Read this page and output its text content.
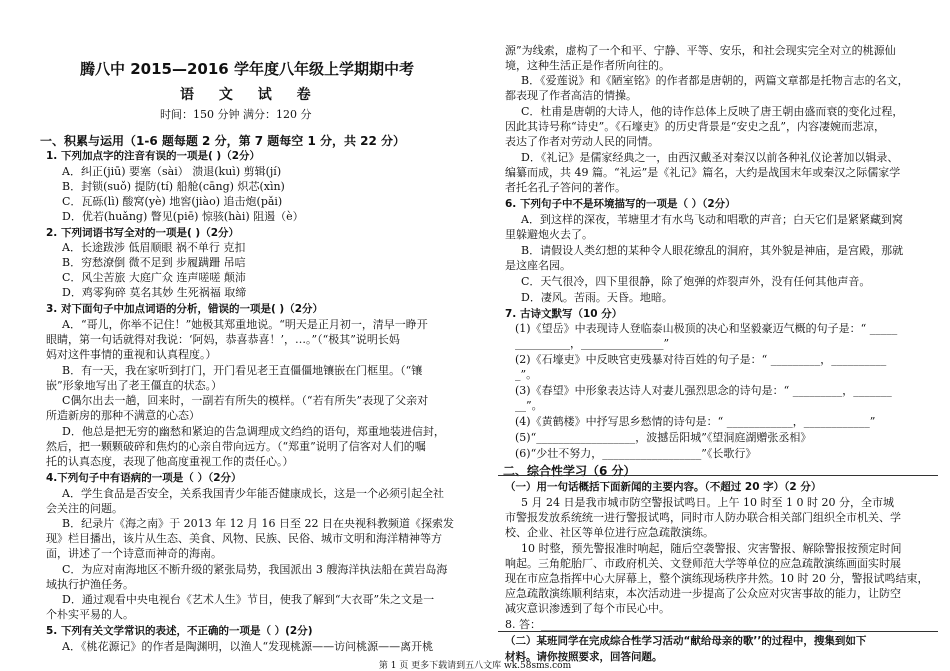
腾八中 2015—2016 学年度八年级上学期期中考
语 文 试 卷
时间：150 分钟 满分：120 分
一、积累与运用（1-6 题每题 2 分，第 7 题每空 1 分，共 22 分）
1. 下列加点字的注音有误的一项是( )（2分）
A．纠正(jiū) 要塞（sài） 溃退(kuì) 剪辑(jí)
B．封锁(suǒ) 提防(tí) 船舱(cāng) 炽芯(xìn)
C．瓦砾(lì) 酸窝(yè) 地窖(jiào) 追击炮(pǎi)
D．优若(huǎng) 瞥见(piē) 惊骇(hài) 阻遏（è）
2. 下列词语书写全对的一项是( )（2分）
A．长途跋涉 低眉顺眼 祸不单行 克扣
B．穷愁潦倒 微不足到 步履蹒跚 吊唁
C．风尘苦旅 大庭广众 连声嗟嗟 颠沛
D．鸡零狗碎 莫名其妙 生死祸福 取缔
3. 对下面句子中加点词语的分析，错误的一项是( )（2分）
A．“哥儿，你举不记住！”她极其郑重地说。“明天是正月初一，清早一睁开
眼睛，第一句话就得对我说：‘阿妈，恭喜恭喜！’，…。”（“极其”说明长妈
妈对这件事情的重视和认真程度。）
B．有一天，我在家听到打门，开门看见老王直僵僵地镶嵌在门框里。（“镶
嵌”形象地写出了老王僵直的状态。）
C偶尔出去一趟，回来时，一副若有所失的模样。（“若有所失”表现了父亲对
所造新房的那种不满意的心态）
D．他总是把无穷的幽愁和紧迫的告急调理成文绉绉的语句，郑重地装进信封，
然后，把一颗颗破碎和焦灼的心亲自带向远方。（“郑重”说明了信客对人们的嘱
托的认真态度，表现了他高度重视工作的责任心。）
4.下列句子中有语病的一项是（ ）（2分）
A．学生食品是否安全，关系我国青少年能否健康成长，这是一个必须引起全社
会关注的问题。
B．纪录片《海之南》于 2013 年 12 月 16 日至 22 日在央视科教频道《探索发
现》栏目播出，该片从生态、美食、风物、民族、民俗、城市文明和海洋精神等方
面，讲述了一个诗意而神奇的海南。
C．为应对南海地区不断升级的紧张局势，我国派出 3 艘海洋执法船在黄岩岛海
域执行护渔任务。
D．通过观看中央电视台《艺术人生》节目，使我了解到“大衣哥”朱之文是一
个朴实平易的人。
5. 下列有关文学常识的表述，不正确的一项是（ ）(2分)
A．《桃花源记》的作者是陶渊明，以渔人“发现桃源——访问桃源——离开桃
源”为线索，虚构了一个和平、宁静、平等、安乐，和社会现实完全对立的桃源仙
境，这种生活正是作者所向往的。
B．《爱莲说》和《陋室铭》的作者都是唐朝的，两篇文章都是托物言志的名文，
都表现了作者高洁的情操。
C．杜甫是唐朝的大诗人，他的诗作总体上反映了唐王朝由盛而衰的变化过程，
因此其诗号称“诗史”。《石壕吏》的历史背景是“安史之乱”，内容凄婉而悲凉，
表达了作者对劳动人民的同情。
D．《礼记》是儒家经典之一，由西汉戴圣对秦汉以前各种礼仪论著加以辑录、
编纂而成，共 49 篇。“礼运”是《礼记》篇名，大约是战国末年或秦汉之际儒家学
者托名孔子答问的著作。
6. 下列句子中不是环境描写的一项是（ ）（2分）
A．到这样的深夜，苇塘里才有水鸟飞动和唱歌的声音；白天它们是紧紧藏到窝
里躲避炮火去了。
B．请假设人类幻想的某种令人眼花缭乱的洞府，其外貌是神庙，是宫殿，那就
是这座名园。
C．天气很冷，四下里很静，除了炮弹的炸裂声外，没有任何其他声音。
D．凄风。苦雨。天昏。地暗。
7. 古诗文默写（10 分）
(1)《望岳》中表现诗人登临泰山极顶的决心和坚毅豪迈气概的句子是：“ _____
__________，_______________”
(2)《石壕吏》中反映官吏残暴对待百姓的句子是：“ _________，__________
_”。
(3)《春望》中形象表达诗人对妻儿强烈思念的诗句是：“ _________，_______
__”。
(4)《黄鹤楼》中抒写思乡愁情的诗句是：“ ____________，____________”
(5)“__________________，波撼岳阳城”《望洞庭湖赠张丞相》
(6)“少壮不努力，__________________”《长歌行》
二、综合性学习（6 分）
（一）用一句话概括下面新闻的主要内容。（不超过 20 字）（2 分）
5 月 24 日是我市城市防空警报试鸣日。上午 10 时至 1 0 时 20 分，全市城
市警报发放系统统一进行警报试鸣，同时市人防办联合相关部门组织全市机关、学
校、企业、社区等单位进行应急疏散演练。
10 时整，预先警报准时响起，随后空袭警报、灾害警报、解除警报按预定时间
响起。三角舵胎厂、市政府机关、文登师范大学等单位的应急疏散演练画面实时展
现在市应急指挥中心大屏幕上，整个演练现场秩序井然。10 时 20 分，警报试鸣结束，
应急疏散演练顺利结束，本次活动进一步提高了公众应对灾害事故的能力，让防空
减灾意识渗透到了每个市民心中。
8. 答：_____________________________________________________
（二）某班同学在完成综合性学习活动“献给母亲的歌’’的过程中，搜集到如下
材料。请你按照要求，回答问题。
第 1 页 更多下载请到五八文库 wk.58sms.com
